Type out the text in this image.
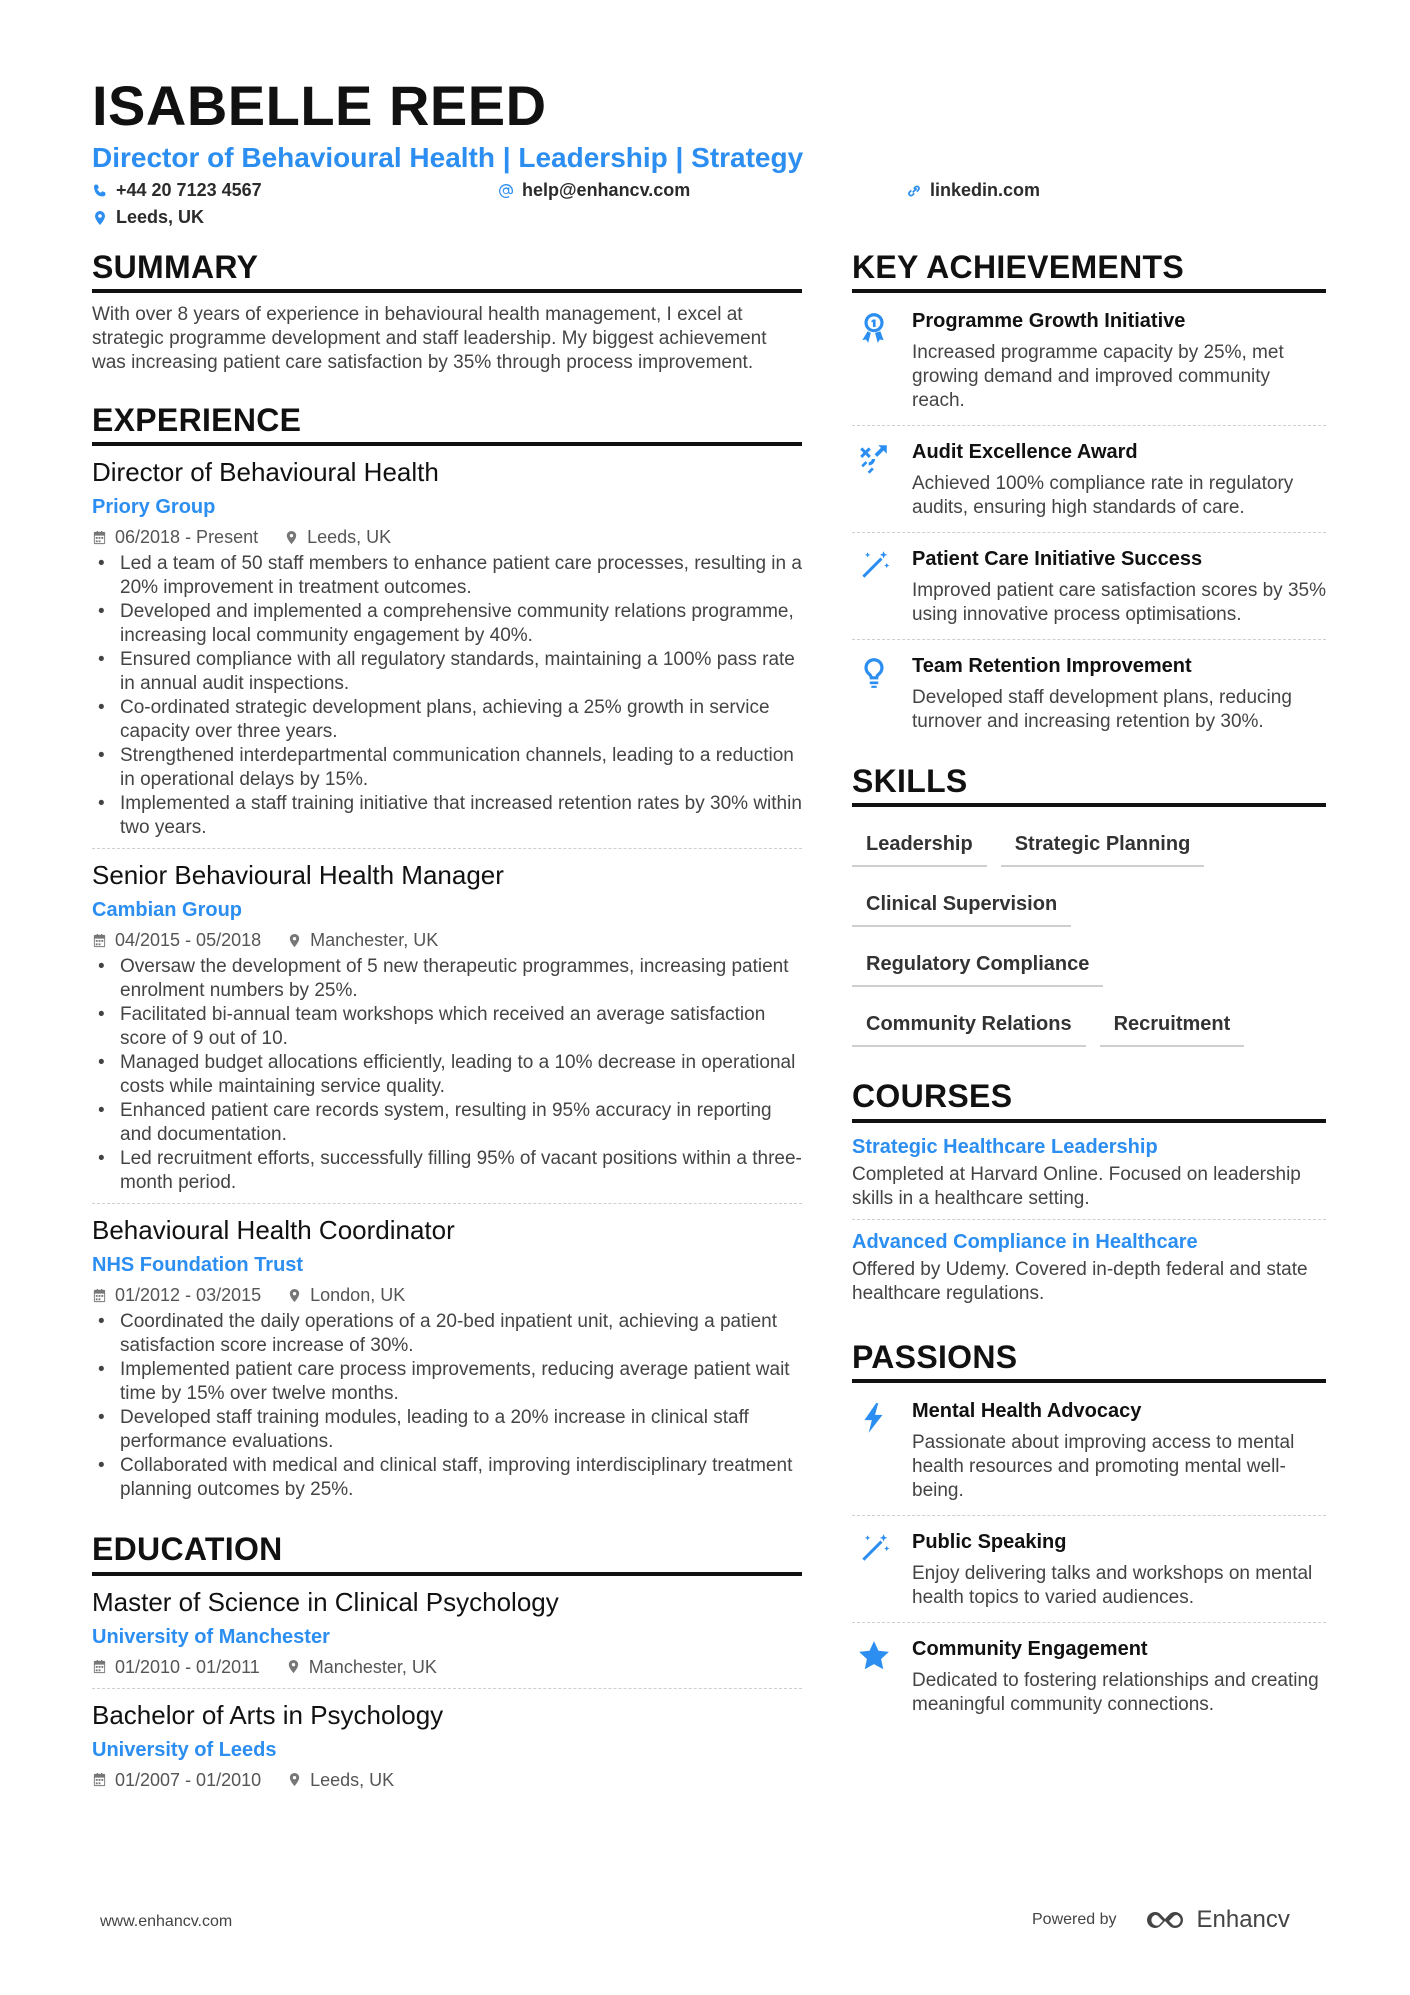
ISABELLE REED
Director of Behavioural Health | Leadership | Strategy
+44 20 7123 4567	help@enhancv.com	linkedin.com
Leeds, UK
SUMMARY
With over 8 years of experience in behavioural health management, I excel at strategic programme development and staff leadership. My biggest achievement was increasing patient care satisfaction by 35% through process improvement.
EXPERIENCE
Director of Behavioural Health
Priory Group
06/2018 - Present	Leeds, UK
• Led a team of 50 staff members to enhance patient care processes, resulting in a 20% improvement in treatment outcomes.
• Developed and implemented a comprehensive community relations programme, increasing local community engagement by 40%.
• Ensured compliance with all regulatory standards, maintaining a 100% pass rate in annual audit inspections.
• Co-ordinated strategic development plans, achieving a 25% growth in service capacity over three years.
• Strengthened interdepartmental communication channels, leading to a reduction in operational delays by 15%.
• Implemented a staff training initiative that increased retention rates by 30% within two years.
Senior Behavioural Health Manager
Cambian Group
04/2015 - 05/2018	Manchester, UK
• Oversaw the development of 5 new therapeutic programmes, increasing patient enrolment numbers by 25%.
• Facilitated bi-annual team workshops which received an average satisfaction score of 9 out of 10.
• Managed budget allocations efficiently, leading to a 10% decrease in operational costs while maintaining service quality.
• Enhanced patient care records system, resulting in 95% accuracy in reporting and documentation.
• Led recruitment efforts, successfully filling 95% of vacant positions within a three-month period.
Behavioural Health Coordinator
NHS Foundation Trust
01/2012 - 03/2015	London, UK
• Coordinated the daily operations of a 20-bed inpatient unit, achieving a patient satisfaction score increase of 30%.
• Implemented patient care process improvements, reducing average patient wait time by 15% over twelve months.
• Developed staff training modules, leading to a 20% increase in clinical staff performance evaluations.
• Collaborated with medical and clinical staff, improving interdisciplinary treatment planning outcomes by 25%.
EDUCATION
Master of Science in Clinical Psychology
University of Manchester
01/2010 - 01/2011	Manchester, UK
Bachelor of Arts in Psychology
University of Leeds
01/2007 - 01/2010	Leeds, UK
KEY ACHIEVEMENTS
Programme Growth Initiative
Increased programme capacity by 25%, met growing demand and improved community reach.
Audit Excellence Award
Achieved 100% compliance rate in regulatory audits, ensuring high standards of care.
Patient Care Initiative Success
Improved patient care satisfaction scores by 35% using innovative process optimisations.
Team Retention Improvement
Developed staff development plans, reducing turnover and increasing retention by 30%.
SKILLS
Leadership	Strategic Planning
Clinical Supervision
Regulatory Compliance
Community Relations	Recruitment
COURSES
Strategic Healthcare Leadership
Completed at Harvard Online. Focused on leadership skills in a healthcare setting.
Advanced Compliance in Healthcare
Offered by Udemy. Covered in-depth federal and state healthcare regulations.
PASSIONS
Mental Health Advocacy
Passionate about improving access to mental health resources and promoting mental well-being.
Public Speaking
Enjoy delivering talks and workshops on mental health topics to varied audiences.
Community Engagement
Dedicated to fostering relationships and creating meaningful community connections.
www.enhancv.com	Powered by	Enhancv
